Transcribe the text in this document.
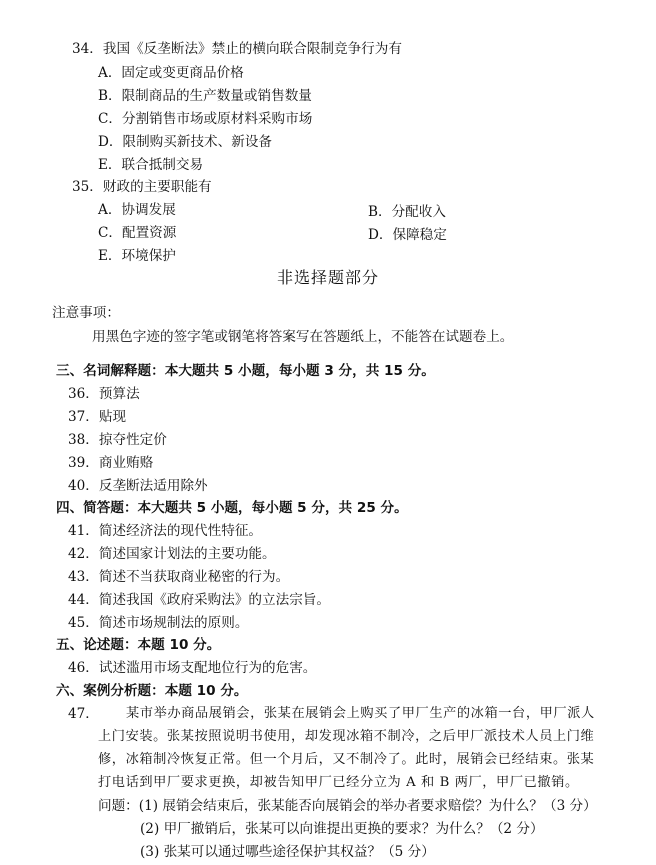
34．我国《反垄断法》禁止的横向联合限制竞争行为有
A．固定或变更商品价格
B．限制商品的生产数量或销售数量
C．分割销售市场或原材料采购市场
D．限制购买新技术、新设备
E．联合抵制交易
35．财政的主要职能有
A．协调发展	B．分配收入
C．配置资源	D．保障稳定
E．环境保护
非选择题部分
注意事项：
用黑色字迹的签字笔或钢笔将答案写在答题纸上，不能答在试题卷上。
三、名词解释题：本大题共 5 小题，每小题 3 分，共 15 分。
36．预算法
37．贴现
38．掠夺性定价
39．商业贿赂
40．反垄断法适用除外
四、简答题：本大题共 5 小题，每小题 5 分，共 25 分。
41．简述经济法的现代性特征。
42．简述国家计划法的主要功能。
43．简述不当获取商业秘密的行为。
44．简述我国《政府采购法》的立法宗旨。
45．简述市场规制法的原则。
五、论述题：本题 10 分。
46．试述滥用市场支配地位行为的危害。
六、案例分析题：本题 10 分。
47． 某市举办商品展销会，张某在展销会上购买了甲厂生产的冰箱一台，甲厂派人
上门安装。张某按照说明书使用，却发现冰箱不制冷，之后甲厂派技术人员上门维
修，冰箱制冷恢复正常。但一个月后，又不制冷了。此时，展销会已经结束。张某
打电话到甲厂要求更换，却被告知甲厂已经分立为 A 和 B 两厂，甲厂已撤销。
问题：(1) 展销会结束后，张某能否向展销会的举办者要求赔偿？为什么？（3 分）
(2) 甲厂撤销后，张某可以向谁提出更换的要求？为什么？（2 分）
(3) 张某可以通过哪些途径保护其权益？（5 分）
